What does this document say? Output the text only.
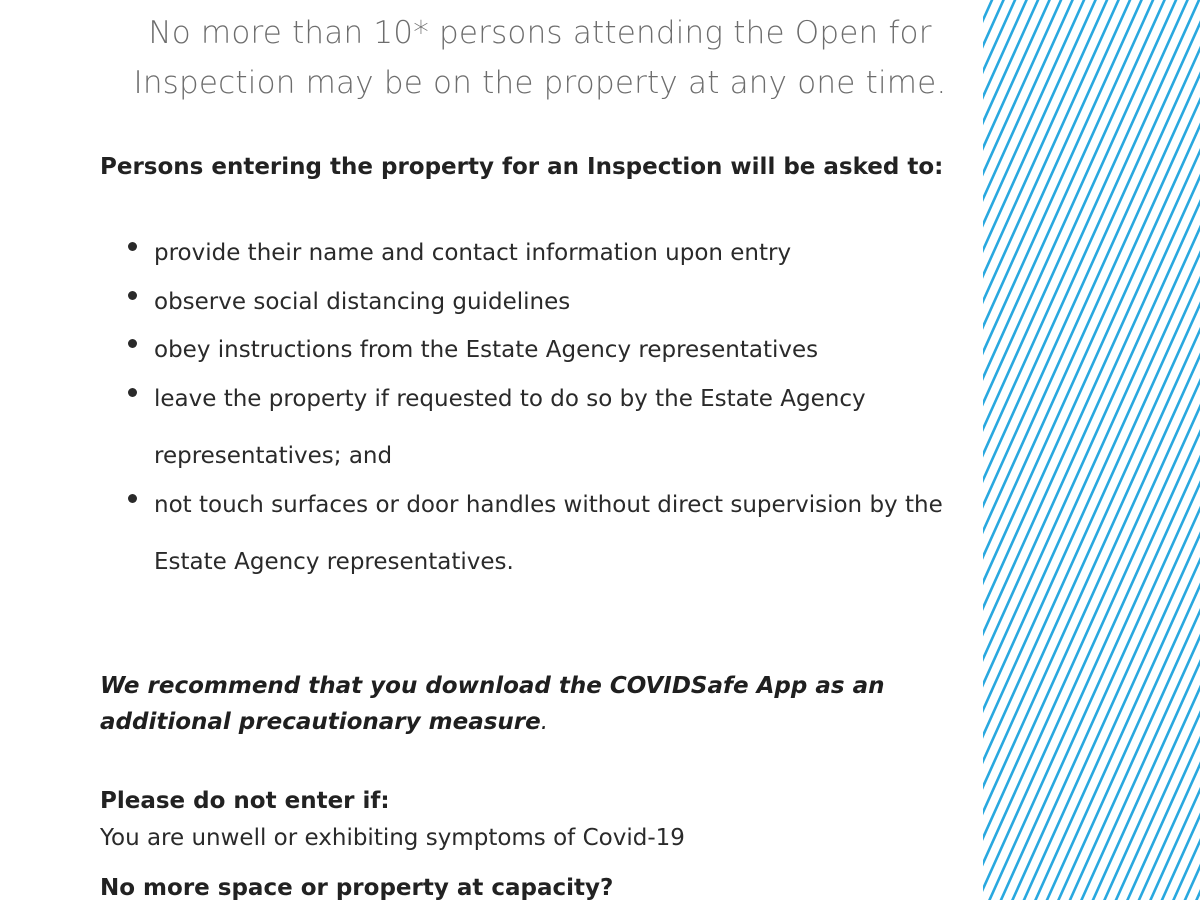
No more than 10* persons attending the Open for
Inspection may be on the property at any one time.

Persons entering the property for an Inspection will be asked to:

provide their name and contact information upon entry
observe social distancing guidelines
obey instructions from the Estate Agency representatives
leave the property if requested to do so by the Estate Agency representatives; and
not touch surfaces or door handles without direct supervision by the Estate Agency representatives.

We recommend that you download the COVIDSafe App as an additional precautionary measure.

Please do not enter if:

You are unwell or exhibiting symptoms of Covid-19

No more space or property at capacity?
